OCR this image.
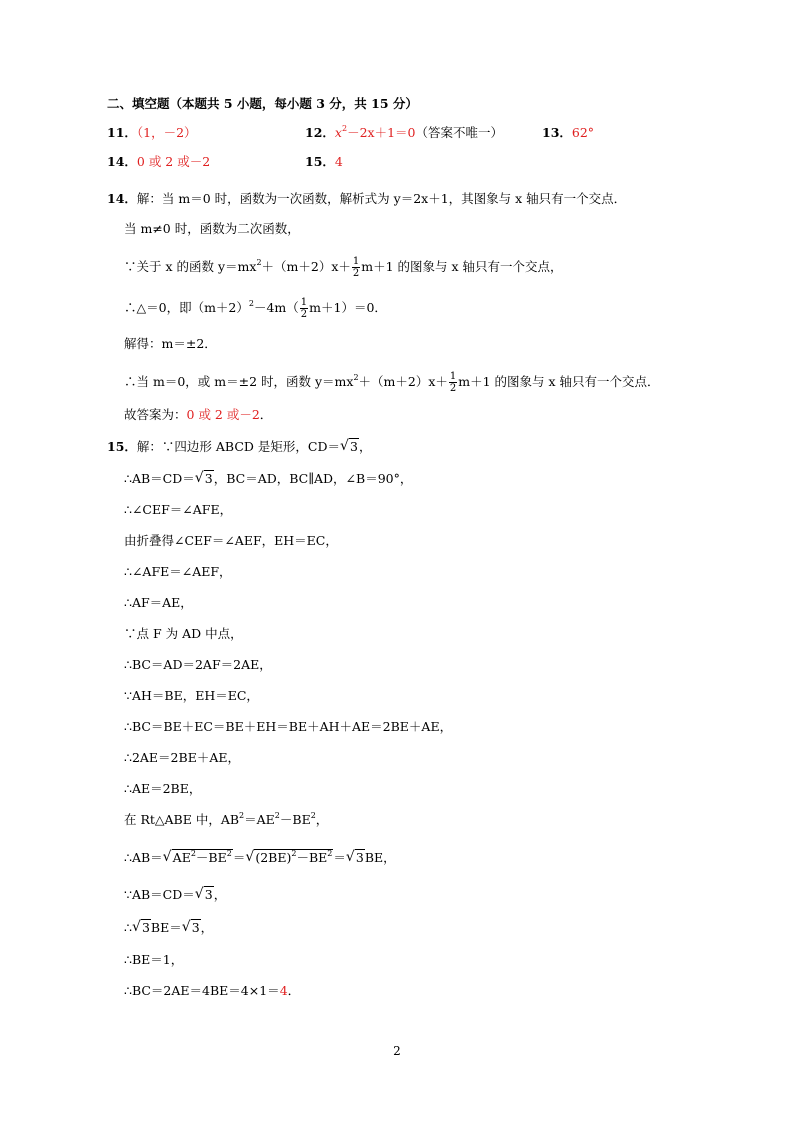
二、填空题（本题共 5 小题，每小题 3 分，共 15 分）
11．（1，－2）	12．$x^2-2x+1=0$（答案不唯一）	13．62°
14．0 或 2 或－2	15．4
14．解：当 m＝0 时，函数为一次函数，解析式为 y＝2x＋1，其图象与 x 轴只有一个交点．
当 m≠0 时，函数为二次函数，
∵关于 x 的函数 $y=mx^2+(m+2)x+ \frac{1}{2} m+1$ 的图象与 x 轴只有一个交点，
∴△＝0，即$(m+2)^2-4m( \frac{1}{2} m+1)=0$．
解得：m＝±2．
∴当 m＝0，或 m＝±2 时，函数 $y=mx^2+(m+2)x+ \frac{1}{2} m+1$ 的图象与 x 轴只有一个交点．
故答案为：0 或 2 或－2．
15．解：∵四边形 ABCD 是矩形，CD＝√ 3，
∴AB＝CD＝√ 3，BC＝AD，BC∥AD，∠B＝90°，
∴∠CEF＝∠AFE，
由折叠得∠CEF＝∠AEF，EH＝EC，
∴∠AFE＝∠AEF，
∴AF＝AE，
∵点 F 为 AD 中点，
∴BC＝AD＝2AF＝2AE，
∵AH＝BE，EH＝EC，
∴BC＝BE＋EC＝BE＋EH＝BE＋AH＋AE＝2BE＋AE，
∴2AE＝2BE＋AE，
∴AE＝2BE，
在 Rt△ABE 中，$AB^2=AE^2-BE^2$，
∴AB＝√ $AE^2-BE^2=√$ $(2BE)^2-BE^2=√$ 3BE，
∵AB＝CD＝√ 3，
∴√ 3BE＝√ 3，
∴BE＝1，
∴BC＝2AE＝4BE＝4×1＝4．
2
